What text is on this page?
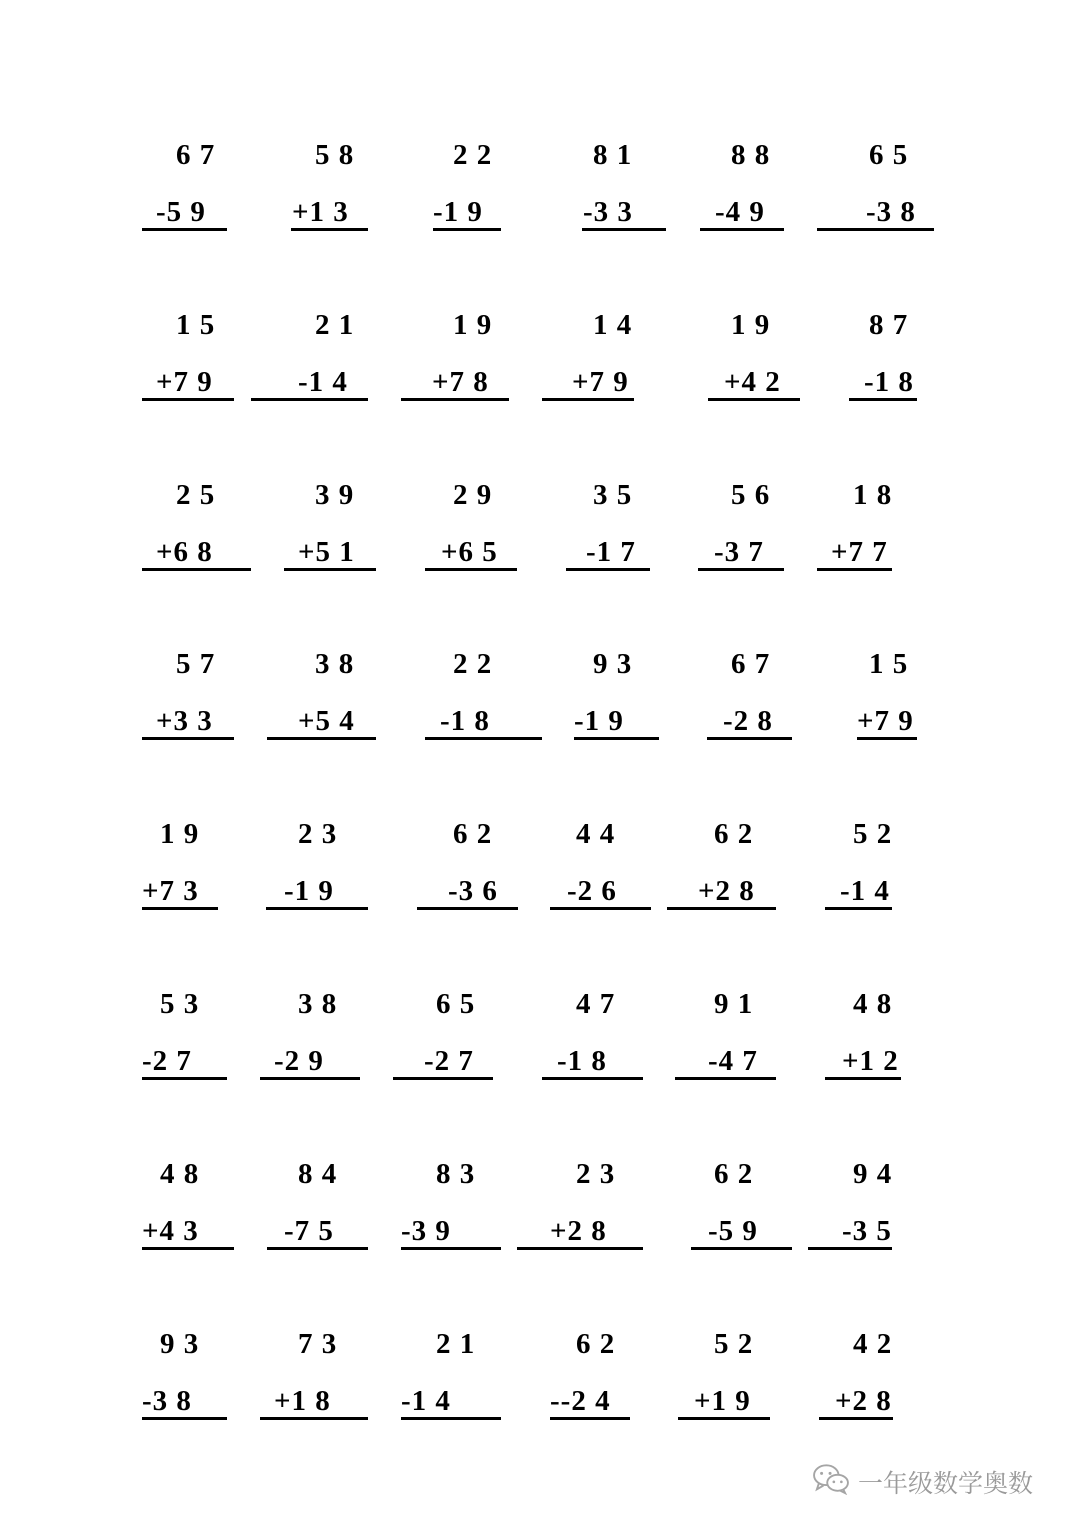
6 7
-5 9
5 8
+1 3
2 2
-1 9
8 1
-3 3
8 8
-4 9
6 5
-3 8
1 5
+7 9
2 1
-1 4
1 9
+7 8
1 4
+7 9
1 9
+4 2
8 7
-1 8
2 5
+6 8
3 9
+5 1
2 9
+6 5
3 5
-1 7
5 6
-3 7
1 8
+7 7
5 7
+3 3
3 8
+5 4
2 2
-1 8
9 3
-1 9
6 7
-2 8
1 5
+7 9
1 9
+7 3
2 3
-1 9
6 2
-3 6
4 4
-2 6
6 2
+2 8
5 2
-1 4
5 3
-2 7
3 8
-2 9
6 5
-2 7
4 7
-1 8
9 1
-4 7
4 8
+1 2
4 8
+4 3
8 4
-7 5
8 3
-3 9
2 3
+2 8
6 2
-5 9
9 4
-3 5
9 3
-3 8
7 3
+1 8
2 1
-1 4
6 2
--2 4
5 2
+1 9
4 2
+2 8
一年级数学奥数
